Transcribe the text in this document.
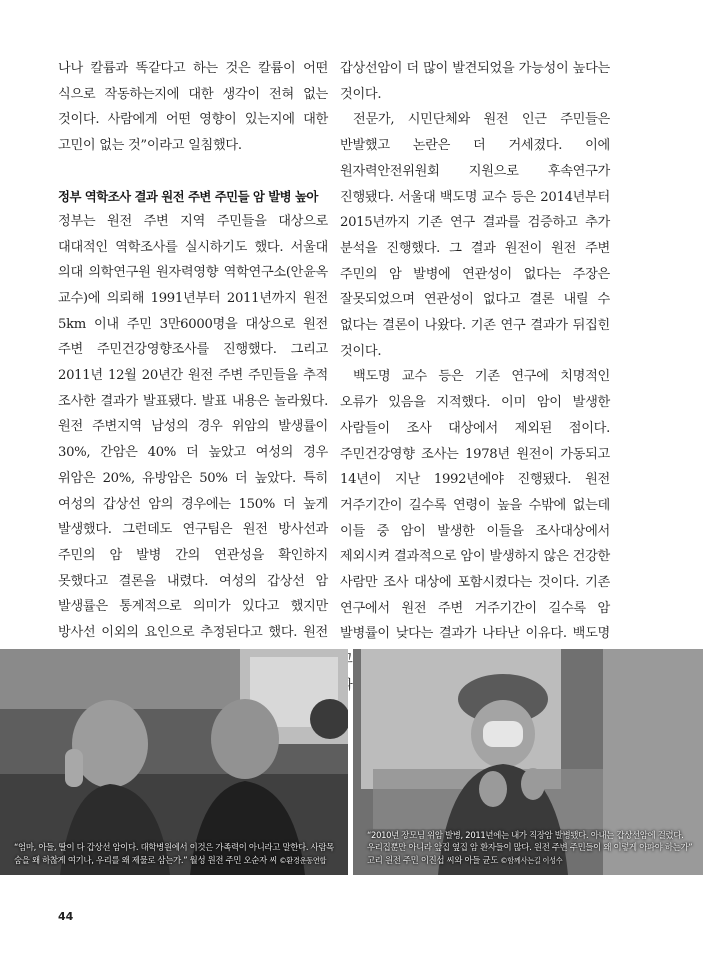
나나 칼륨과 똑같다고 하는 것은 칼륨이 어떤 식으로 작동하는지에 대한 생각이 전혀 없는 것이다. 사람에게 어떤 영향이 있는지에 대한 고민이 없는 것”이라고 일침했다.

정부 역학조사 결과 원전 주변 주민들 암 발병 높아

정부는 원전 주변 지역 주민들을 대상으로 대대적인 역학조사를 실시하기도 했다. 서울대 의대 의학연구원 원자력영향 역학연구소(안윤옥 교수)에 의뢰해 1991년부터 2011년까지 원전 5km 이내 주민 3만6000명을 대상으로 원전 주변 주민건강영향조사를 진행했다. 그리고 2011년 12월 20년간 원전 주변 주민들을 추적 조사한 결과가 발표됐다. 발표 내용은 놀라웠다. 원전 주변지역 남성의 경우 위암의 발생률이 30%, 간암은 40% 더 높았고 여성의 경우 위암은 20%, 유방암은 50% 더 높았다. 특히 여성의 갑상선 암의 경우에는 150% 더 높게 발생했다. 그런데도 연구팀은 원전 방사선과 주민의 암 발병 간의 연관성을 확인하지 못했다고 결론을 내렸다. 여성의 갑상선 암 발생률은 통계적으로 의미가 있다고 했지만 방사선 이외의 요인으로 추정된다고 했다. 원전

갑상선암이 더 많이 발견되었을 가능성이 높다는 것이다.

전문가, 시민단체와 원전 인근 주민들은 반발했고 논란은 더 거세졌다. 이에 원자력안전위원회 지원으로 후속연구가 진행됐다. 서울대 백도명 교수 등은 2014년부터 2015년까지 기존 연구 결과를 검증하고 추가 분석을 진행했다. 그 결과 원전이 원전 주변 주민의 암 발병에 연관성이 없다는 주장은 잘못되었으며 연관성이 없다고 결론 내릴 수 없다는 결론이 나왔다. 기존 연구 결과가 뒤집힌 것이다.

백도명 교수 등은 기존 연구에 치명적인 오류가 있음을 지적했다. 이미 암이 발생한 사람들이 조사 대상에서 제외된 점이다. 주민건강영향 조사는 1978년 원전이 가동되고 14년이 지난 1992년에야 진행됐다. 원전 거주기간이 길수록 연령이 높을 수밖에 없는데 이들 중 암이 발생한 이들을 조사대상에서 제외시켜 결과적으로 암이 발생하지 않은 건강한 사람만 조사 대상에 포함시켰다는 것이다. 기존 연구에서 원전 주변 거주기간이 길수록 암 발병률이 낮다는 결과가 나타난 이유다. 백도명

“엄마, 아들, 딸이 다 갑상선 암이다. 대학병원에서 이것은 가족력이 아니라고 말한다. 사람목숨을 왜 하찮게 여기나, 우리를 왜 제물로 삼는가.” 월성 원전 주민 오순자 씨 ©환경운동연합
“2010년 장모님 위암 발병, 2011년에는 내가 직장암 발병됐다. 아내는 갑상선암에 걸렸다. 우리집뿐만 아니라 앞집 옆집 암 환자들이 많다. 원전 주변 주민들이 왜 이렇게 아파야 하는가” 고리 원전 주민 이진섭 씨와 아들 균도 ©함께사는길 이성수
44
